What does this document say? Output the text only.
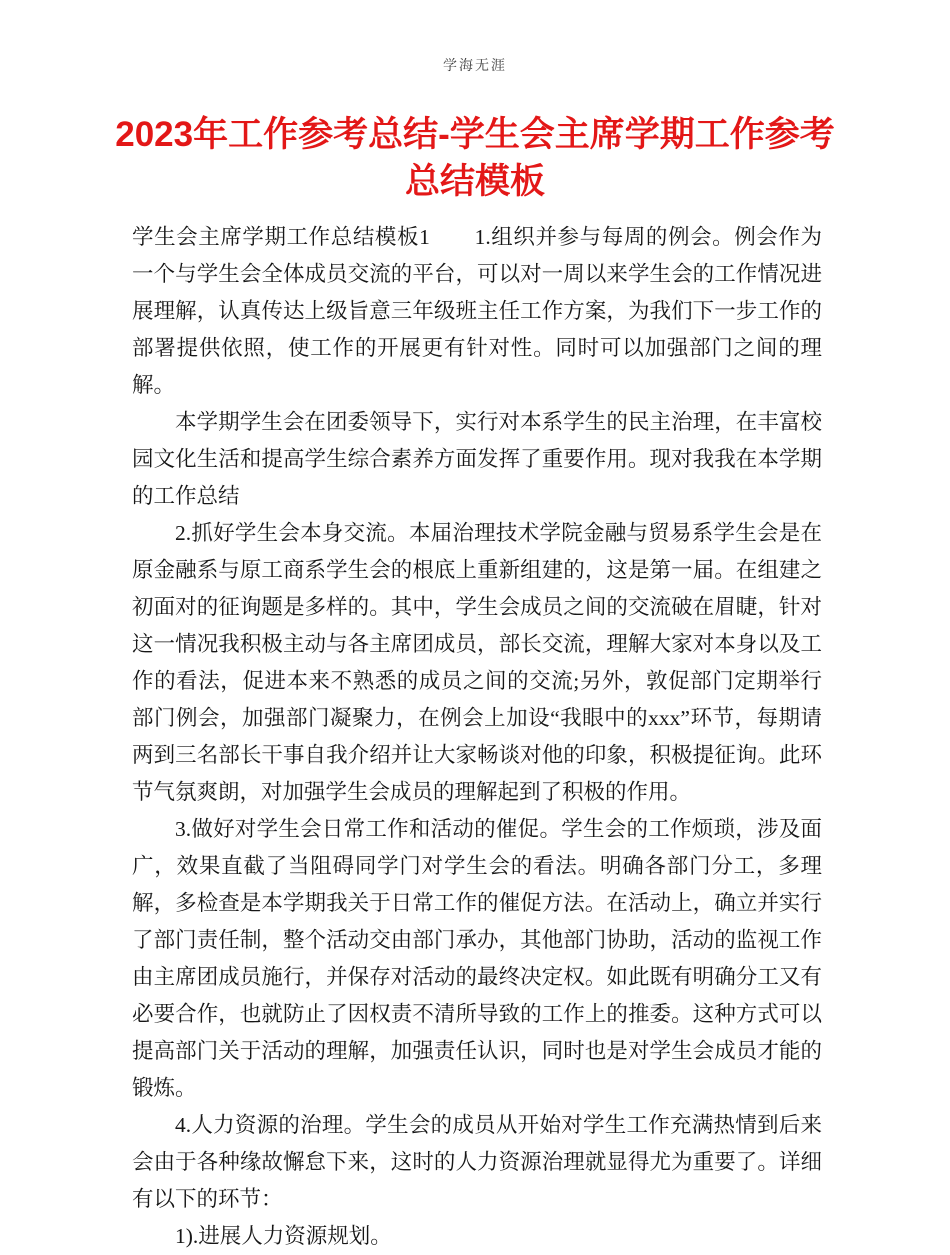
学海无涯
2023年工作参考总结-学生会主席学期工作参考总结模板

学生会主席学期工作总结模板1　　1.组织并参与每周的例会。例会作为一个与学生会全体成员交流的平台，可以对一周以来学生会的工作情况进展理解，认真传达上级旨意三年级班主任工作方案，为我们下一步工作的部署提供依照，使工作的开展更有针对性。同时可以加强部门之间的理解。

本学期学生会在团委领导下，实行对本系学生的民主治理，在丰富校园文化生活和提高学生综合素养方面发挥了重要作用。现对我我在本学期的工作总结

2.抓好学生会本身交流。本届治理技术学院金融与贸易系学生会是在原金融系与原工商系学生会的根底上重新组建的，这是第一届。在组建之初面对的征询题是多样的。其中，学生会成员之间的交流破在眉睫，针对这一情况我积极主动与各主席团成员，部长交流，理解大家对本身以及工作的看法，促进本来不熟悉的成员之间的交流;另外，敦促部门定期举行部门例会，加强部门凝聚力，在例会上加设“我眼中的xxx”环节，每期请两到三名部长干事自我介绍并让大家畅谈对他的印象，积极提征询。此环节气氛爽朗，对加强学生会成员的理解起到了积极的作用。

3.做好对学生会日常工作和活动的催促。学生会的工作烦琐，涉及面广，效果直截了当阻碍同学门对学生会的看法。明确各部门分工，多理解，多检查是本学期我关于日常工作的催促方法。在活动上，确立并实行了部门责任制，整个活动交由部门承办，其他部门协助，活动的监视工作由主席团成员施行，并保存对活动的最终决定权。如此既有明确分工又有必要合作，也就防止了因权责不清所导致的工作上的推委。这种方式可以提高部门关于活动的理解，加强责任认识，同时也是对学生会成员才能的锻炼。

4.人力资源的治理。学生会的成员从开始对学生工作充满热情到后来会由于各种缘故懈怠下来，这时的人力资源治理就显得尤为重要了。详细有以下的环节：

1).进展人力资源规划。
